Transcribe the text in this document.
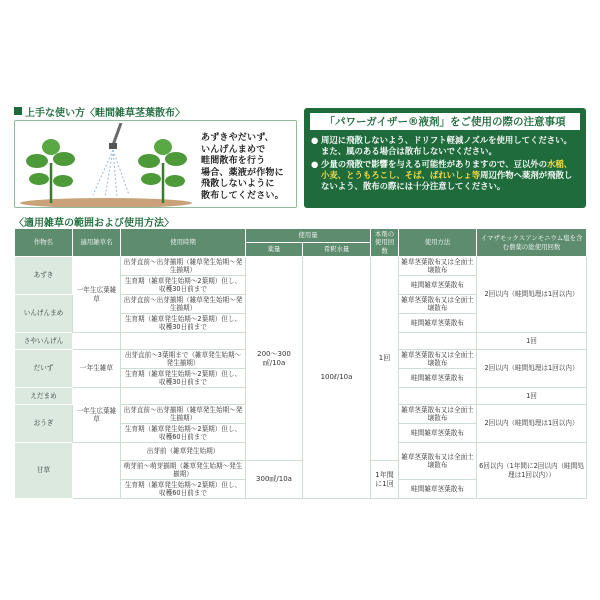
上手な使い方〈畦間雑草茎葉散布〉
あずきやだいず、
いんげんまめで
畦間散布を行う
場合、薬液が作物に
飛散しないように
散布してください。
「パワーガイザー®液剤」をご使用の際の注意事項
● 周辺に飛散しないよう、ドリフト軽減ノズルを使用してください。また、風のある場合は散布しないでください。
● 少量の飛散で影響を与える可能性がありますので、豆以外の水稲、小麦、とうもろこし、そば、ばれいしょ等周辺作物へ薬剤が飛散しないよう、散布の際には十分注意してください。
〈適用雑草の範囲および使用方法〉
作物名	適用雑草名	使用時期	使用量		本剤の使用回数	使用方法	イマザモックスアンモニウム塩を含む農薬の総使用回数
			薬量	希釈水量			
あずき	一年生広葉雑草	出芽直前～出芽揃期（雑草発生始期～発生揃期）	200～300㎖/10a	100ℓ/10a	1回	雑草茎葉散布又は全面土壌散布	2回以内（畦間処理は1回以内）
		生育期（雑草発生始期～2葉期）但し、収穫30日前まで				畦間雑草茎葉散布	
いんげんまめ		出芽直前～出芽揃期（雑草発生始期～発生揃期）				雑草茎葉散布又は全面土壌散布	
		生育期（雑草発生始期～2葉期）但し、収穫30日前まで				畦間雑草茎葉散布	
さやいんげん							1回
だいず	一年生雑草	出芽直前～3葉期まで（雑草発生始期～発生揃期）				雑草茎葉散布又は全面土壌散布	2回以内（畦間処理は1回以内）
		生育期（雑草発生始期～2葉期）但し、収穫30日前まで				畦間雑草茎葉散布	
えだまめ	一年生広葉雑草						1回
おうぎ		出芽直前～出芽揃期（雑草発生始期～発生揃期）				雑草茎葉散布又は全面土壌散布	2回以内（畦間処理は1回以内）
		生育期（雑草発生始期～2葉期）但し、収穫60日前まで				畦間雑草茎葉散布	
甘草		出芽前（雑草発生始期）				雑草茎葉散布又は全面土壌散布	6回以内（1年間に2回以内（畦間処理は1回以内））
		萌芽前～萌芽揃期（雑草発生始期～発生揃期）	300㎖/10a		1年間に1回		
		生育期（雑草発生始期～2葉期）但し、収穫60日前まで				畦間雑草茎葉散布	
